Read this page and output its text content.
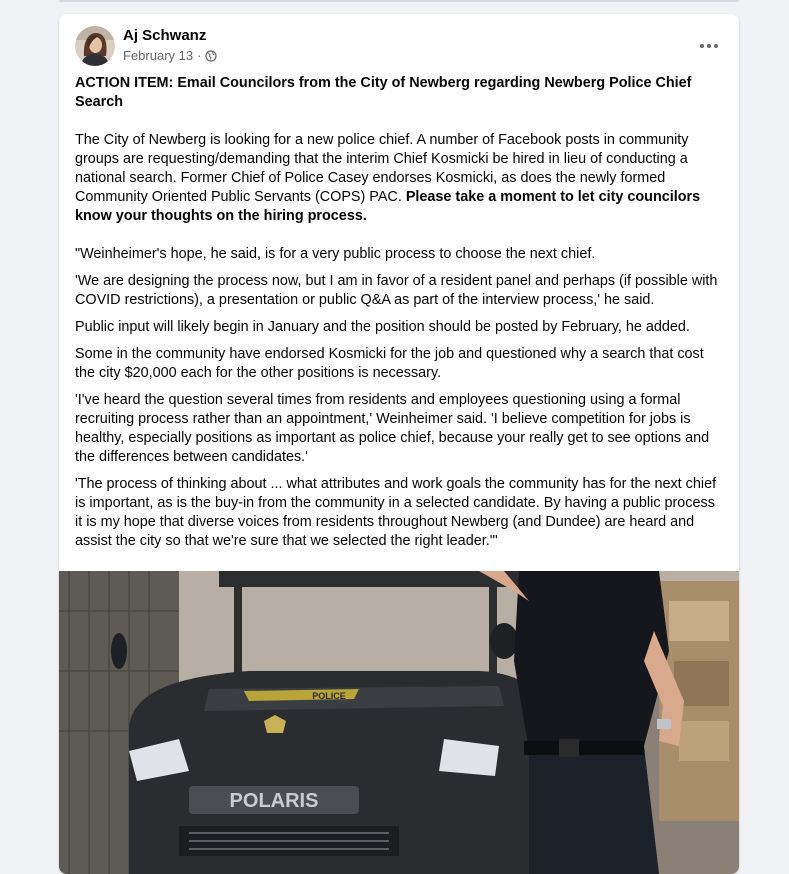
Aj Schwanz
February 13 ·

ACTION ITEM: Email Councilors from the City of Newberg regarding Newberg Police Chief Search

The City of Newberg is looking for a new police chief. A number of Facebook posts in community groups are requesting/demanding that the interim Chief Kosmicki be hired in lieu of conducting a national search. Former Chief of Police Casey endorses Kosmicki, as does the newly formed Community Oriented Public Servants (COPS) PAC. Please take a moment to let city councilors know your thoughts on the hiring process.

"Weinheimer's hope, he said, is for a very public process to choose the next chief.

'We are designing the process now, but I am in favor of a resident panel and perhaps (if possible with COVID restrictions), a presentation or public Q&A as part of the interview process,' he said.

Public input will likely begin in January and the position should be posted by February, he added.

Some in the community have endorsed Kosmicki for the job and questioned why a search that cost the city $20,000 each for the other positions is necessary.

'I've heard the question several times from residents and employees questioning using a formal recruiting process rather than an appointment,' Weinheimer said. 'I believe competition for jobs is healthy, especially positions as important as police chief, because your really get to see options and the differences between candidates.'

'The process of thinking about ... what attributes and work goals the community has for the next chief is important, as is the buy-in from the community in a selected candidate. By having a public process it is my hope that diverse voices from residents throughout Newberg (and Dundee) are heard and assist the city so that we're sure that we selected the right leader.'"

POLARIS
POLICE
